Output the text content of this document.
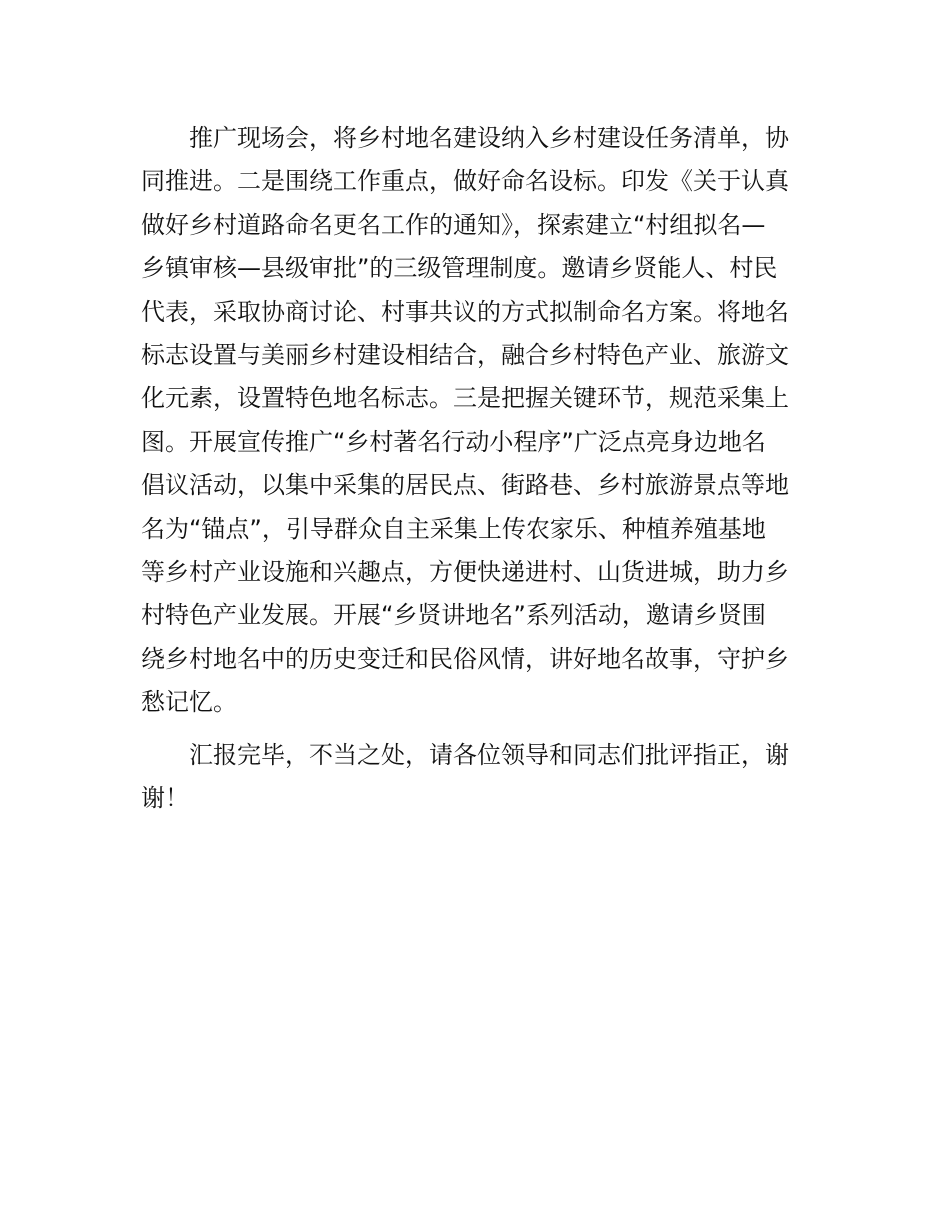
推广现场会，将乡村地名建设纳入乡村建设任务清单，协
同推进。二是围绕工作重点，做好命名设标。印发《关于认真
做好乡村道路命名更名工作的通知》，探索建立“村组拟名—
乡镇审核—县级审批”的三级管理制度。邀请乡贤能人、村民
代表，采取协商讨论、村事共议的方式拟制命名方案。将地名
标志设置与美丽乡村建设相结合，融合乡村特色产业、旅游文
化元素，设置特色地名标志。三是把握关键环节，规范采集上
图。开展宣传推广“乡村著名行动小程序”广泛点亮身边地名
倡议活动，以集中采集的居民点、街路巷、乡村旅游景点等地
名为“锚点”，引导群众自主采集上传农家乐、种植养殖基地
等乡村产业设施和兴趣点，方便快递进村、山货进城，助力乡
村特色产业发展。开展“乡贤讲地名”系列活动，邀请乡贤围
绕乡村地名中的历史变迁和民俗风情，讲好地名故事，守护乡
愁记忆。
汇报完毕，不当之处，请各位领导和同志们批评指正，谢
谢！
